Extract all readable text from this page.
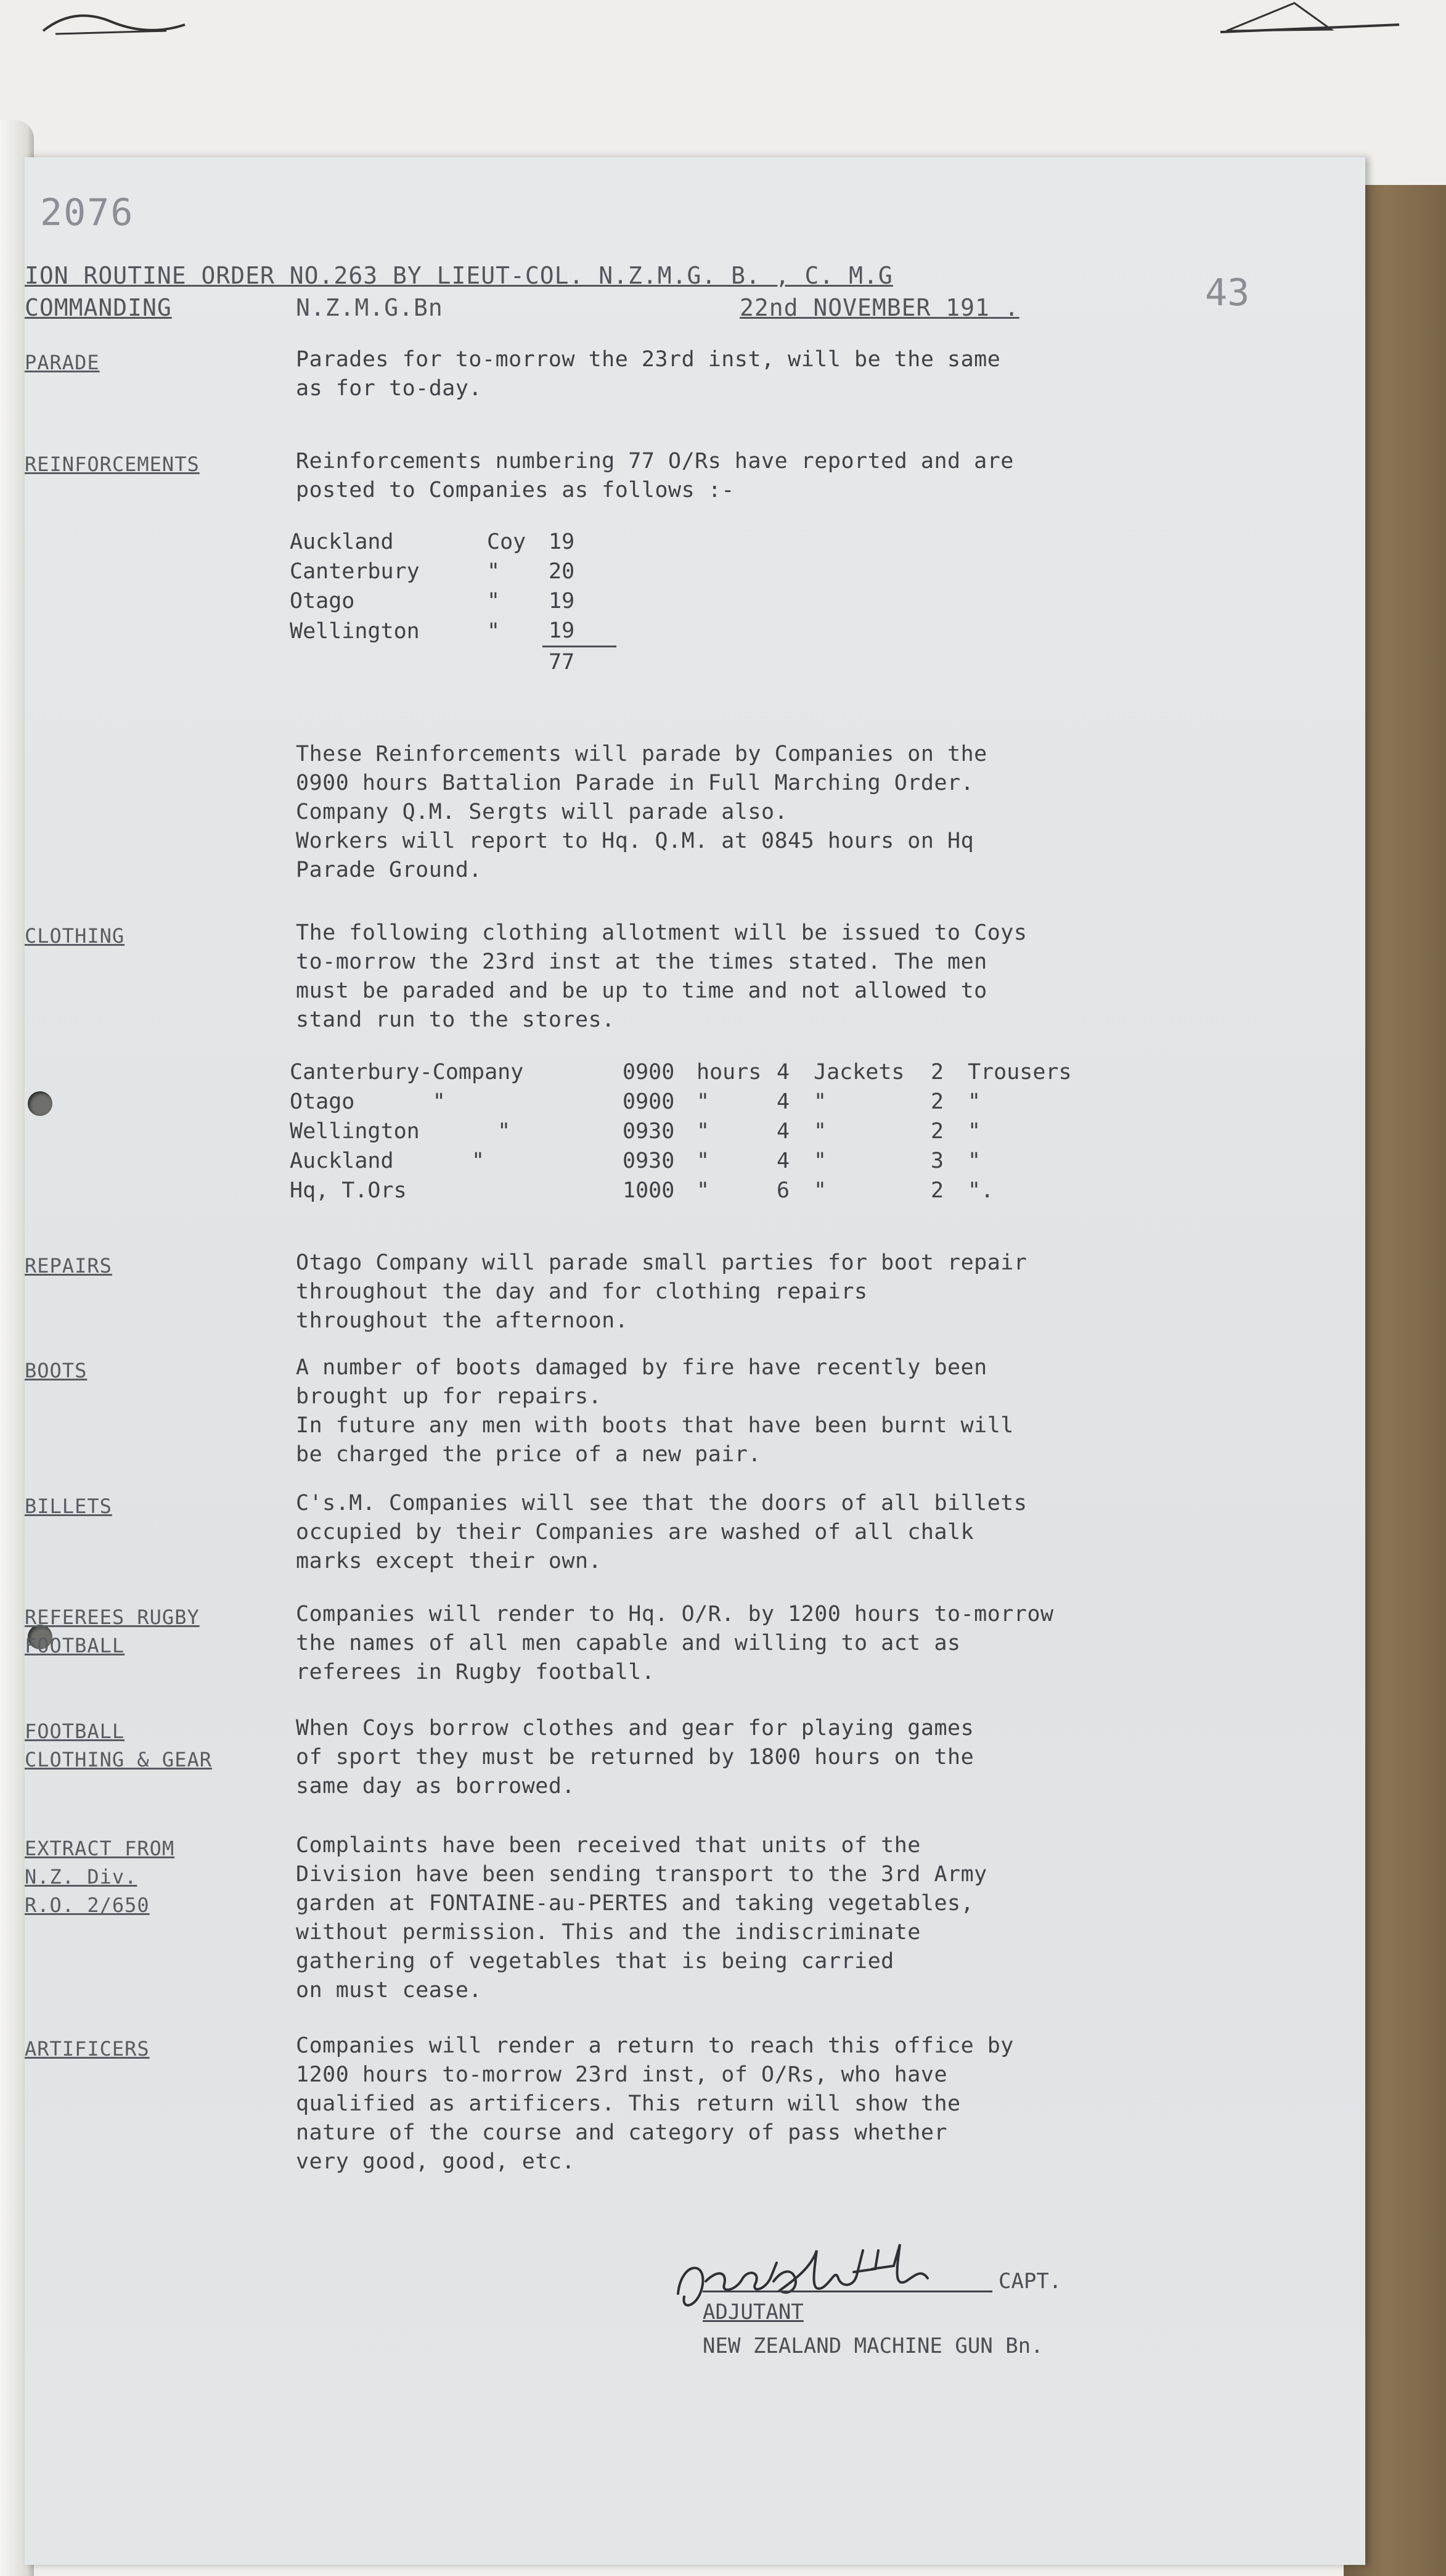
2076
ION ROUTINE ORDER NO.263 BY LIEUT-COL. N.Z.M.G. B. , C. M.G
COMMANDING	N.Z.M.G.Bn	22nd NOVEMBER 191 .	43
PARADE	Parades for to-morrow the 23rd inst, will be the same
as for to-day.
REINFORCEMENTS	Reinforcements numbering 77 O/Rs have reported and are
posted to Companies as follows :-
Auckland	Coy	19
Canterbury	"	20
Otago	"	19
Wellington	"	19
		77
These Reinforcements will parade by Companies on the
0900 hours Battalion Parade in Full Marching Order.
Company Q.M. Sergts will parade also.
Workers will report to Hq. Q.M. at 0845 hours on Hq
Parade Ground.
CLOTHING	The following clothing allotment will be issued to Coys
to-morrow the 23rd inst at the times stated. The men
must be paraded and be up to time and not allowed to
stand run to the stores.
Canterbury-Company	0900	hours	4	Jackets	2	Trousers
Otago "	0900	"	4	"	2	"
Wellington "	0930	"	4	"	2	"
Auckland "	0930	"	4	"	3	"
Hq, T.Ors	1000	"	6	"	2	".
REPAIRS	Otago Company will parade small parties for boot repair
throughout the day and for clothing repairs
throughout the afternoon.
BOOTS	A number of boots damaged by fire have recently been
brought up for repairs.
In future any men with boots that have been burnt will
be charged the price of a new pair.
BILLETS	C's.M. Companies will see that the doors of all billets
occupied by their Companies are washed of all chalk
marks except their own.
REFEREES RUGBY
FOOTBALL
Companies will render to Hq. O/R. by 1200 hours to-morrow
the names of all men capable and willing to act as
referees in Rugby football.
FOOTBALL
CLOTHING & GEAR
When Coys borrow clothes and gear for playing games
of sport they must be returned by 1800 hours on the
same day as borrowed.
EXTRACT FROM
N.Z. Div.
R.O. 2/650
Complaints have been received that units of the
Division have been sending transport to the 3rd Army
garden at FONTAINE-au-PERTES and taking vegetables,
without permission. This and the indiscriminate
gathering of vegetables that is being carried
on must cease.
ARTIFICERS	Companies will render a return to reach this office by
1200 hours to-morrow 23rd inst, of O/Rs, who have
qualified as artificers. This return will show the
nature of the course and category of pass whether
very good, good, etc.
CAPT.
ADJUTANT
NEW ZEALAND MACHINE GUN Bn.
